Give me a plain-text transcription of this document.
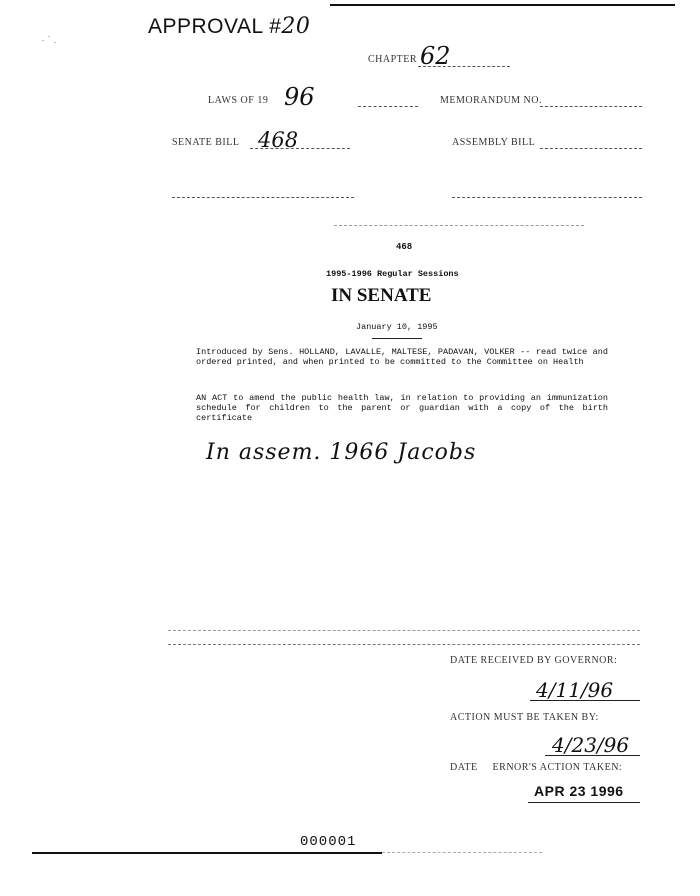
APPROVAL #20
CHAPTER 62
LAWS OF 19 96	MEMORANDUM NO.
SENATE BILL 468	ASSEMBLY BILL
468
1995-1996 Regular Sessions
IN SENATE
January 10, 1995
Introduced by Sens. HOLLAND, LAVALLE, MALTESE, PADAVAN, VOLKER -- read twice and ordered printed, and when printed to be committed to the Committee on Health
AN ACT to amend the public health law, in relation to providing an immunization schedule for children to the parent or guardian with a copy of the birth certificate
In assem. 1966 Jacobs
DATE RECEIVED BY GOVERNOR:
4/11/96
ACTION MUST BE TAKEN BY:
4/23/96
DATE     ERNOR'S ACTION TAKEN:
APR 23 1996
000001
